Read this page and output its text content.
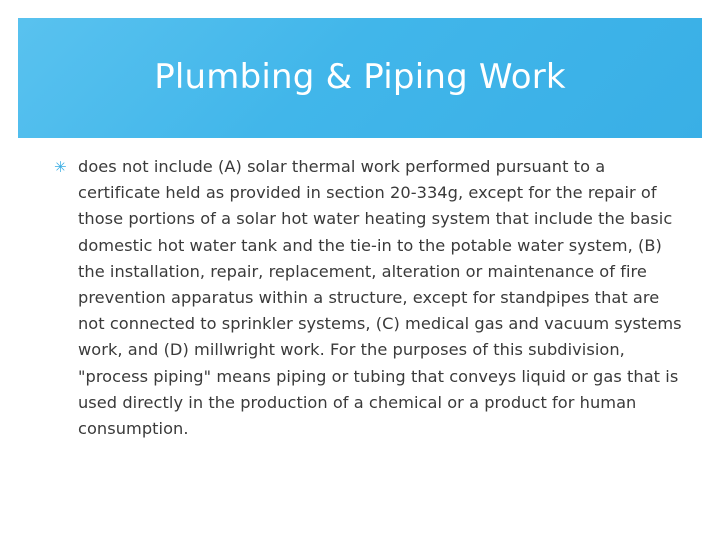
Plumbing & Piping Work
✳ does not include (A) solar thermal work performed pursuant to a certificate held as provided in section 20-334g, except for the repair of those portions of a solar hot water heating system that include the basic domestic hot water tank and the tie-in to the potable water system, (B) the installation, repair, replacement, alteration or maintenance of fire prevention apparatus within a structure, except for standpipes that are not connected to sprinkler systems, (C) medical gas and vacuum systems work, and (D) millwright work. For the purposes of this subdivision, "process piping" means piping or tubing that conveys liquid or gas that is used directly in the production of a chemical or a product for human consumption.
